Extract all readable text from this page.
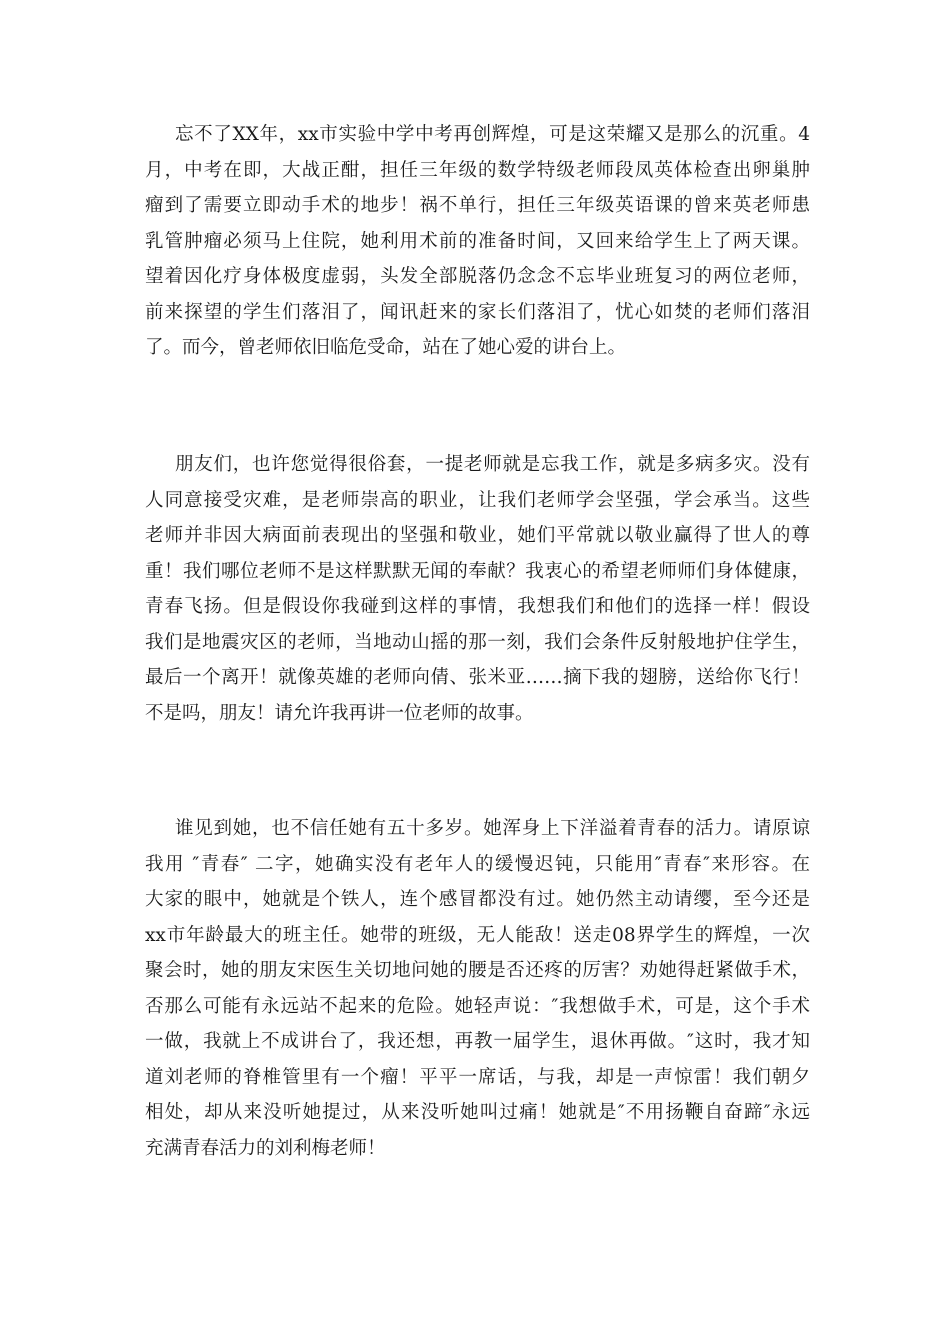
忘不了XX年，xx市实验中学中考再创辉煌，可是这荣耀又是那么的沉重。4
月，中考在即，大战正酣，担任三年级的数学特级老师段凤英体检查出卵巢肿
瘤到了需要立即动手术的地步！祸不单行，担任三年级英语课的曾来英老师患
乳管肿瘤必须马上住院，她利用术前的准备时间，又回来给学生上了两天课。
望着因化疗身体极度虚弱，头发全部脱落仍念念不忘毕业班复习的两位老师，
前来探望的学生们落泪了，闻讯赶来的家长们落泪了，忧心如焚的老师们落泪
了。而今，曾老师依旧临危受命，站在了她心爱的讲台上。
朋友们，也许您觉得很俗套，一提老师就是忘我工作，就是多病多灾。没有
人同意接受灾难，是老师崇高的职业，让我们老师学会坚强，学会承当。这些
老师并非因大病面前表现出的坚强和敬业，她们平常就以敬业赢得了世人的尊
重！我们哪位老师不是这样默默无闻的奉献？我衷心的希望老师师们身体健康，
青春飞扬。但是假设你我碰到这样的事情，我想我们和他们的选择一样！假设
我们是地震灾区的老师，当地动山摇的那一刻，我们会条件反射般地护住学生，
最后一个离开！就像英雄的老师向倩、张米亚……摘下我的翅膀，送给你飞行！
不是吗，朋友！请允许我再讲一位老师的故事。
谁见到她，也不信任她有五十多岁。她浑身上下洋溢着青春的活力。请原谅
我用 ″青春″ 二字，她确实没有老年人的缓慢迟钝，只能用″青春″来形容。在
大家的眼中，她就是个铁人，连个感冒都没有过。她仍然主动请缨，至今还是
xx市年龄最大的班主任。她带的班级，无人能敌！送走08界学生的辉煌，一次
聚会时，她的朋友宋医生关切地问她的腰是否还疼的厉害？劝她得赶紧做手术，
否那么可能有永远站不起来的危险。她轻声说：″我想做手术，可是，这个手术
一做，我就上不成讲台了，我还想，再教一届学生，退休再做。″这时，我才知
道刘老师的脊椎管里有一个瘤！平平一席话，与我，却是一声惊雷！我们朝夕
相处，却从来没听她提过，从来没听她叫过痛！她就是″不用扬鞭自奋蹄″永远
充满青春活力的刘利梅老师！
